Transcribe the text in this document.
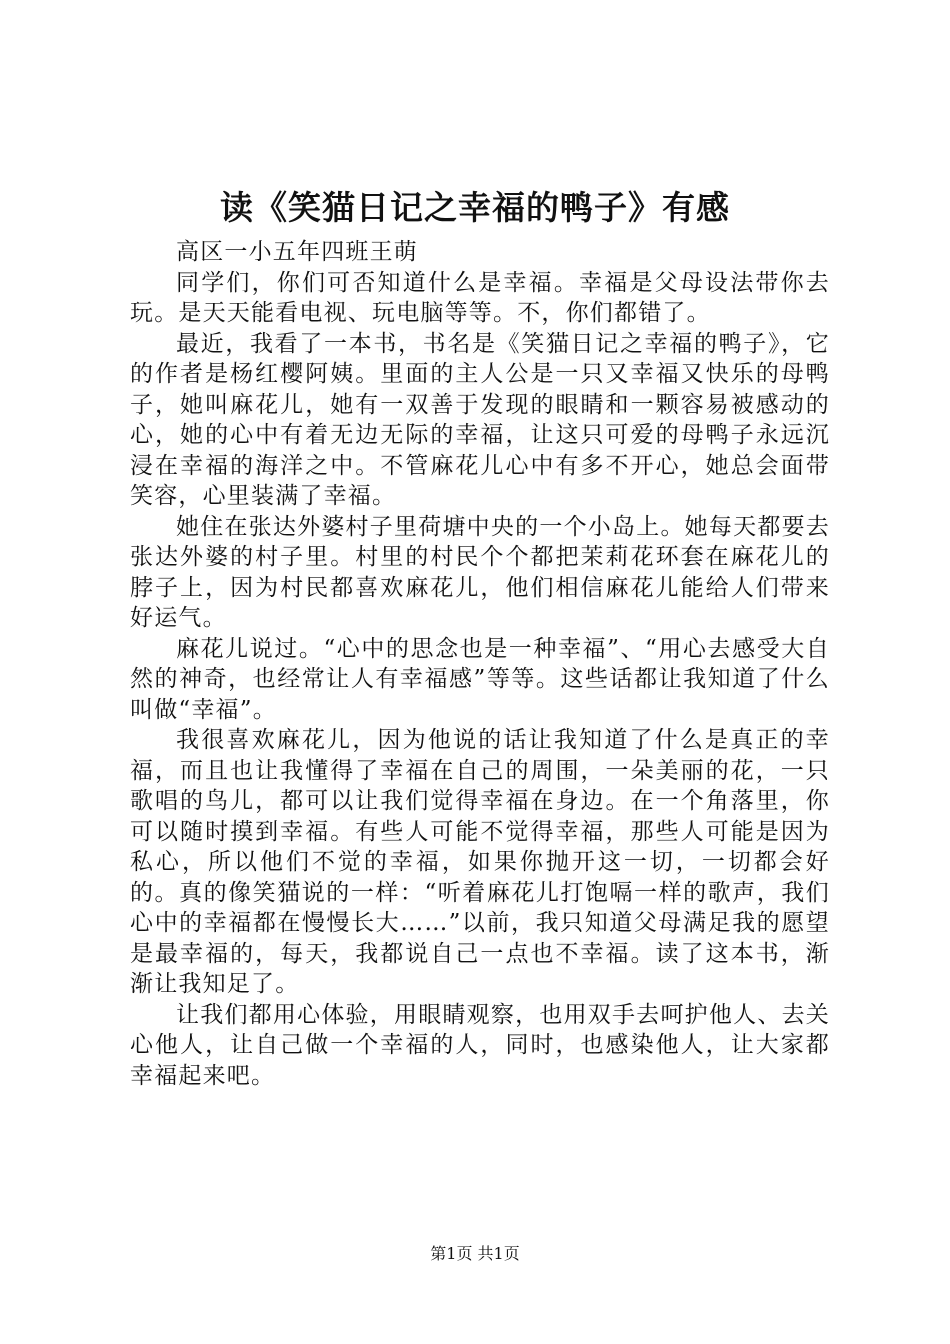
读《笑猫日记之幸福的鸭子》有感

高区一小五年四班王萌

同学们，你们可否知道什么是幸福。幸福是父母设法带你去玩。是天天能看电视、玩电脑等等。不，你们都错了。

最近，我看了一本书，书名是《笑猫日记之幸福的鸭子》，它的作者是杨红樱阿姨。里面的主人公是一只又幸福又快乐的母鸭子，她叫麻花儿，她有一双善于发现的眼睛和一颗容易被感动的心，她的心中有着无边无际的幸福，让这只可爱的母鸭子永远沉浸在幸福的海洋之中。不管麻花儿心中有多不开心，她总会面带笑容，心里装满了幸福。

她住在张达外婆村子里荷塘中央的一个小岛上。她每天都要去张达外婆的村子里。村里的村民个个都把茉莉花环套在麻花儿的脖子上，因为村民都喜欢麻花儿，他们相信麻花儿能给人们带来好运气。

麻花儿说过。“心中的思念也是一种幸福”、“用心去感受大自然的神奇，也经常让人有幸福感”等等。这些话都让我知道了什么叫做“幸福”。

我很喜欢麻花儿，因为他说的话让我知道了什么是真正的幸福，而且也让我懂得了幸福在自己的周围，一朵美丽的花，一只歌唱的鸟儿，都可以让我们觉得幸福在身边。在一个角落里，你可以随时摸到幸福。有些人可能不觉得幸福，那些人可能是因为私心，所以他们不觉的幸福，如果你抛开这一切，一切都会好的。真的像笑猫说的一样：“听着麻花儿打饱嗝一样的歌声，我们心中的幸福都在慢慢长大……”以前，我只知道父母满足我的愿望是最幸福的，每天，我都说自己一点也不幸福。读了这本书，渐渐让我知足了。

让我们都用心体验，用眼睛观察，也用双手去呵护他人、去关心他人，让自己做一个幸福的人，同时，也感染他人，让大家都幸福起来吧。

第1页 共1页
